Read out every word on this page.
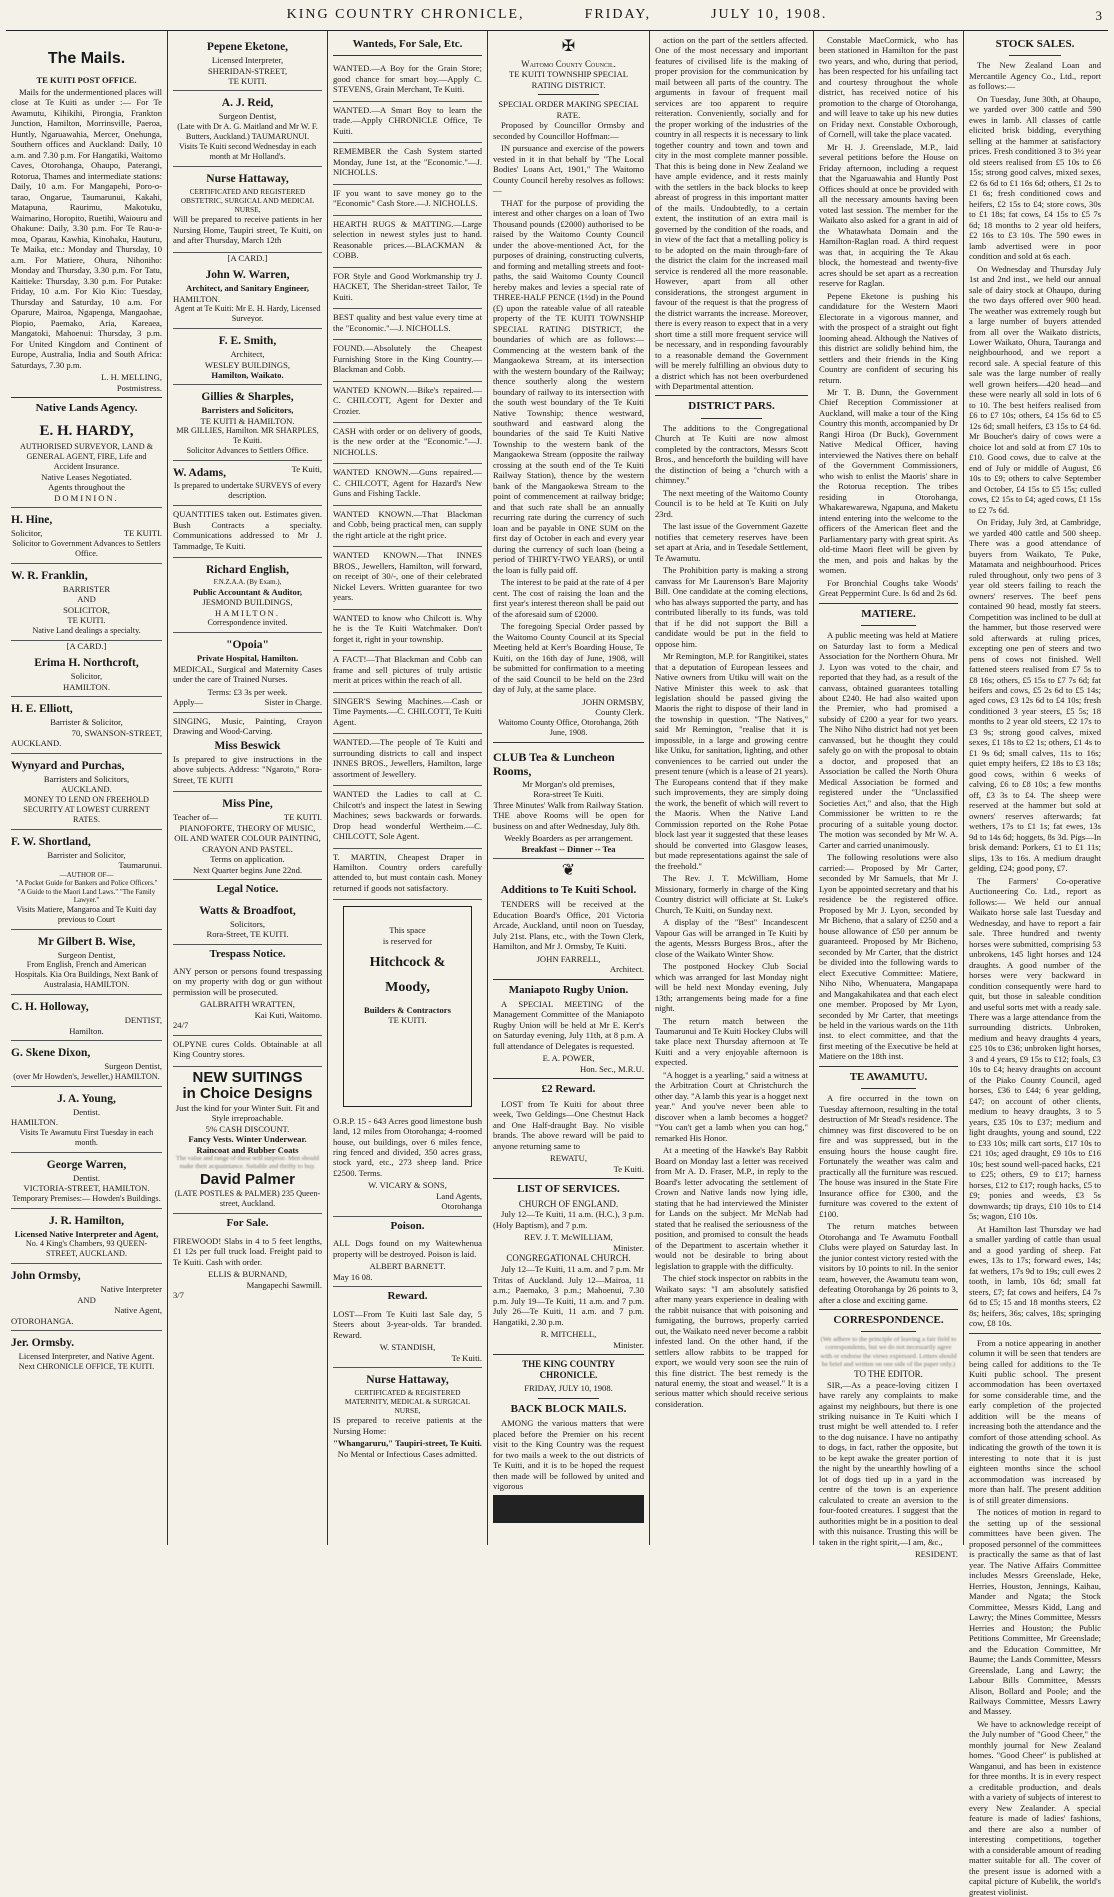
KING COUNTRY CHRONICLE,	FRIDAY,	JULY 10, 1908.	3
The Mails.
TE KUITI POST OFFICE.

Mails for the undermentioned places will close at Te Kuiti as under :— For Te Awamutu, Kihikihi, Pirongia, Frankton Junction, Hamilton, Morrinsville, Paeroa, Huntly, Ngaruawahia, Mercer, Onehunga, Southern offices and Auckland: Daily, 10 a.m. and 7.30 p.m. For Hangatiki, Waitomo Caves, Otorohanga, Ohaupo, Paterangi, Rotorua, Thames and intermediate stations: Daily, 10 a.m. For Mangapehi, Poro-o-tarao, Ongarue, Taumarunui, Kakahi, Matapuna, Raurimu, Makotuku, Waimarino, Horopito, Ruetihi, Waiouru and Ohakune: Daily, 3.30 p.m. For Te Rau-a-moa, Oparau, Kawhia, Kinohaku, Hauturu, Te Maika, etc.: Monday and Thursday, 10 a.m. For Matiere, Ohura, Nihoniho: Monday and Thursday, 3.30 p.m. For Tatu, Kaitieke: Thursday, 3.30 p.m. For Putake: Friday, 10 a.m. For Kio Kio: Tuesday, Thursday and Saturday, 10 a.m. For Oparure, Mairoa, Ngapenga, Mangaohae, Piopio, Paemako, Aria, Kareaea, Mangatoki, Mahoenui: Thursday, 3 p.m. For United Kingdom and Continent of Europe, Australia, India and South Africa: Saturdays, 7.30 p.m.

L. H. MELLING,
Postmistress.
Native Lands Agency.
E. H. HARDY,
AUTHORISED SURVEYOR, LAND & GENERAL AGENT, FIRE, Life and Accident Insurance.
Native Leases Negotiated.
Agents throughout the
DOMINION.
H. Hine,
Solicitor,	TE KUITI.
Solicitor to Government Advances to Settlers Office.
W. R. Franklin,
BARRISTER
AND
SOLICITOR,
TE KUITI.
Native Land dealings a specialty.
[A CARD.]
Erima H. Northcroft,
Solicitor,
HAMILTON.
H. E. Elliott,
Barrister & Solicitor,
70, SWANSON-STREET,
AUCKLAND.
Wynyard and Purchas,
Barristers and Solicitors,
AUCKLAND.
MONEY TO LEND ON FREEHOLD SECURITY AT LOWEST CURRENT RATES.
F. W. Shortland,
Barrister and Solicitor,
Taumarunui.
—AUTHOR OF—
"A Pocket Guide for Bankers and Police Officers." "A Guide to the Maori Land Laws." "The Family Lawyer."
Visits Matiere, Mangaroa and Te Kuiti day previous to Court
Mr Gilbert B. Wise,
Surgeon Dentist,
From English, French and American Hospitals. Kia Ora Buildings, Next Bank of Australasia, HAMILTON.
C. H. Holloway,
DENTIST,
Hamilton.
G. Skene Dixon,
Surgeon Dentist,
(over Mr Howden's, Jeweller,) HAMILTON.
J. A. Young,
Dentist.
HAMILTON.
Visits Te Awamutu First Tuesday in each month.
George Warren,
Dentist.
VICTORIA-STREET, HAMILTON.
Temporary Premises:— Howden's Buildings.
J. R. Hamilton,
Licensed Native Interpreter and Agent,
No. 4 King's Chambers, 93 QUEEN-STREET, AUCKLAND.
John Ormsby,
Native Interpreter
AND
Native Agent,
OTOROHANGA.
Jer. Ormsby.
Licensed Interpreter, and Native Agent.
Next CHRONICLE OFFICE, TE KUITI.
Pepene Eketone,
Licensed Interpreter,
SHERIDAN-STREET,
TE KUITI.
A. J. Reid,
Surgeon Dentist,
(Late with Dr A. G. Maitland and Mr W. F. Butters, Auckland.) TAUMARUNUI.
Visits Te Kuiti second Wednesday in each month at Mr Holland's.
Nurse Hattaway,
CERTIFICATED AND REGISTERED OBSTETRIC, SURGICAL AND MEDICAL NURSE,

Will be prepared to receive patients in her Nursing Home, Taupiri street, Te Kuiti, on and after Thursday, March 12th

[A CARD.]
John W. Warren,
Architect, and Sanitary Engineer,
HAMILTON.
Agent at Te Kuiti: Mr E. H. Hardy, Licensed Surveyor.
F. E. Smith,
Architect,
WESLEY BUILDINGS,
Hamilton, Waikato.
Gillies & Sharples,
Barristers and Solicitors,
TE KUITI & HAMILTON.
MR GILLIES, Hamilton. MR SHARPLES, Te Kuiti.
Solicitor Advances to Settlers Office.
W. Adams,	Te Kuiti,
Is prepared to undertake SURVEYS of every description.

QUANTITIES taken out. Estimates given. Bush Contracts a specialty. Communications addressed to Mr J. Tammadge, Te Kuiti.

Richard English,
F.N.Z.A.A. (By Exam.),
Public Accountant & Auditor,
JESMOND BUILDINGS,
HAMILTON.
Correspondence invited.
"Opoia"
Private Hospital, Hamilton.

MEDICAL, Surgical and Maternity Cases under the care of Trained Nurses.

Terms: £3 3s per week.
Apply—	Sister in Charge.

SINGING, Music, Painting, Crayon Drawing and Wood-Carving.

Miss Beswick

Is prepared to give instructions in the above subjects. Address: "Ngaroto," Rora-Street, TE KUITI

Miss Pine,
Teacher of—	TE KUITI.
PIANOFORTE, THEORY OF MUSIC, OIL AND WATER COLOUR PAINTING, CRAYON AND PASTEL.
Terms on application.
Next Quarter begins June 22nd.
Legal Notice.
Watts & Broadfoot,
Solicitors,
Rora-Street, TE KUITI.
Trespass Notice.

ANY person or persons found trespassing on my property with dog or gun without permission will be prosecuted.

GALBRAITH WRATTEN,
Kai Kuti, Waitomo.
24/7

OLPYNE cures Colds. Obtainable at all King Country stores.

NEW SUITINGS
in Choice Designs
Just the kind for your Winter Suit. Fit and Style irreproachable.
5% CASH DISCOUNT.
Fancy Vests. Winter Underwear. Raincoat and Rubber Coats
The value and range of these will surprise. Men should make their acquaintance. Suitable and thrifty to buy.
David Palmer
(LATE POSTLES & PALMER) 235 Queen-street, Auckland.
For Sale.

FIREWOOD! Slabs in 4 to 5 feet lengths, £1 12s per full truck load. Freight paid to Te Kuiti. Cash with order.

ELLIS & BURNAND,
Mangapechi Sawmill.
3/7
Wanteds, For Sale, Etc.

WANTED.—A Boy for the Grain Store; good chance for smart boy.—Apply C. STEVENS, Grain Merchant, Te Kuiti.

WANTED.—A Smart Boy to learn the trade.—Apply CHRONICLE Office, Te Kuiti.

REMEMBER the Cash System started Monday, June 1st, at the "Economic."—J. NICHOLLS.

IF you want to save money go to the "Economic" Cash Store.—J. NICHOLLS.

HEARTH RUGS & MATTING.—Large selection in newest styles just to hand. Reasonable prices.—BLACKMAN & COBB.

FOR Style and Good Workmanship try J. HACKET, The Sheridan-street Tailor, Te Kuiti.

BEST quality and best value every time at the "Economic."—J. NICHOLLS.

FOUND.—Absolutely the Cheapest Furnishing Store in the King Country.—Blackman and Cobb.

WANTED KNOWN.—Bike's repaired.—C. CHILCOTT, Agent for Dexter and Crozier.

CASH with order or on delivery of goods, is the new order at the "Economic."—J. NICHOLLS.

WANTED KNOWN.—Guns repaired.—C. CHILCOTT, Agent for Hazard's New Guns and Fishing Tackle.

WANTED KNOWN.—That Blackman and Cobb, being practical men, can supply the right article at the right price.

WANTED KNOWN.—That INNES BROS., Jewellers, Hamilton, will forward, on receipt of 30/-, one of their celebrated Nickel Levers. Written guarantee for two years.

WANTED to know who Chilcott is. Why he is the Te Kuiti Watchmaker. Don't forget it, right in your township.

A FACT!—That Blackman and Cobb can frame and sell pictures of truly artistic merit at prices within the reach of all.

SINGER'S Sewing Machines.—Cash or Time Payments.—C. CHILCOTT, Te Kuiti Agent.

WANTED.—The people of Te Kuiti and surrounding districts to call and inspect INNES BROS., Jewellers, Hamilton, large assortment of Jewellery.

WANTED the Ladies to call at C. Chilcott's and inspect the latest in Sewing Machines; sews backwards or forwards. Drop head wonderful Wertheim.—C. CHILCOTT, Sole Agent.

T. MARTIN, Cheapest Draper in Hamilton. Country orders carefully attended to, but must contain cash. Money returned if goods not satisfactory.

This space
is reserved for
Hitchcock &
Moody,
Builders & Contractors
TE KUITI.

O.R.P. 15 - 643 Acres good limestone bush land, 12 miles from Otorohanga; 4-roomed house, out buildings, over 6 miles fence, ring fenced and divided, 350 acres grass, stock yard, etc., 273 sheep land. Price £2500. Terms.

W. VICARY & SONS,
Land Agents,
Otorohanga
Poison.

ALL Dogs found on my Waitewhenua property will be destroyed. Poison is laid.

ALBERT BARNETT.
May 16 08.
Reward.

LOST—From Te Kuiti last Sale day, 5 Steers about 3-year-olds. Tar branded. Reward.

W. STANDISH,
Te Kuiti.
Nurse Hattaway,
CERTIFICATED & REGISTERED MATERNITY, MEDICAL & SURGICAL NURSE,

IS prepared to receive patients at the Nursing Home:

"Whangaruru," Taupiri-street, Te Kuiti.
No Mental or Infectious Cases admitted.
✠
Waitomo County Council.
TE KUITI TOWNSHIP SPECIAL RATING DISTRICT.
SPECIAL ORDER MAKING SPECIAL RATE.

Proposed by Councillor Ormsby and seconded by Councillor Hoffman:—

IN pursuance and exercise of the powers vested in it in that behalf by "The Local Bodies' Loans Act, 1901," The Waitomo County Council hereby resolves as follows:—

THAT for the purpose of providing the interest and other charges on a loan of Two Thousand pounds (£2000) authorised to be raised by the Waitomo County Council under the above-mentioned Act, for the purposes of draining, constructing culverts, and forming and metalling streets and foot-paths, the said Waitomo County Council hereby makes and levies a special rate of THREE-HALF PENCE (1½d) in the Pound (£) upon the rateable value of all rateable property of the TE KUITI TOWNSHIP SPECIAL RATING DISTRICT, the boundaries of which are as follows:—Commencing at the western bank of the Mangaokewa Stream, at its intersection with the western boundary of the Railway; thence southerly along the western boundary of railway to its intersection with the south west boundary of the Te Kuiti Native Township; thence westward, southward and eastward along the boundaries of the said Te Kuiti Native Township to the western bank of the Mangaokewa Stream (opposite the railway crossing at the south end of the Te Kuiti Railway Station), thence by the western bank of the Mangaokewa Stream to the point of commencement at railway bridge; and that such rate shall be an annually recurring rate during the currency of such loan and be payable in ONE SUM on the first day of October in each and every year during the currency of such loan (being a period of THIRTY-TWO YEARS), or until the loan is fully paid off.

The interest to be paid at the rate of 4 per cent. The cost of raising the loan and the first year's interest thereon shall be paid out of the aforesaid sum of £2000.

The foregoing Special Order passed by the Waitomo County Council at its Special Meeting held at Kerr's Boarding House, Te Kuiti, on the 16th day of June, 1908, will be submitted for confirmation to a meeting of the said Council to be held on the 23rd day of July, at the same place.

JOHN ORMSBY,
County Clerk.
Waitomo County Office, Otorohanga, 26th June, 1908.
CLUB Tea & Luncheon Rooms,
Mr Morgan's old premises,
Rora-street Te Kuiti.
Three Minutes' Walk from Railway Station.

THE above Rooms will be open for business on and after Wednesday, July 8th.

Weekly Boarders as per arrangement.
Breakfast -- Dinner -- Tea
❦
Additions to Te Kuiti School.

TENDERS will be received at the Education Board's Office, 201 Victoria Arcade, Auckland, until noon on Tuesday, July 21st. Plans, etc., with the Town Clerk, Hamilton, and Mr J. Ormsby, Te Kuiti.

JOHN FARRELL,
Architect.
Maniapoto Rugby Union.

A SPECIAL MEETING of the Management Committee of the Maniapoto Rugby Union will be held at Mr E. Kerr's on Saturday evening, July 11th, at 8 p.m. A full attendance of Delegates is requested.

E. A. POWER,
Hon. Sec., M.R.U.
£2 Reward.

LOST from Te Kuiti for about three week, Two Geldings—One Chestnut Hack and One Half-draught Bay. No visible brands. The above reward will be paid to anyone returning same to

REWATU,
Te Kuiti.
LIST OF SERVICES.
CHURCH OF ENGLAND.

July 12—Te Kuiti, 11 a.m. (H.C.), 3 p.m. (Holy Baptism), and 7 p.m.

REV. J. T. McWILLIAM,
Minister.
CONGREGATIONAL CHURCH.

July 12—Te Kuiti, 11 a.m. and 7 p.m. Mr Tritas of Auckland. July 12—Mairoa, 11 a.m.; Paemako, 3 p.m.; Mahoenui, 7.30 p.m. July 19—Te Kuiti, 11 a.m. and 7 p.m. July 26—Te Kuiti, 11 a.m. and 7 p.m. Hangatiki, 2.30 p.m.

R. MITCHELL,
Minister.
THE KING COUNTRY CHRONICLE.
FRIDAY, JULY 10, 1908.
BACK BLOCK MAILS.

AMONG the various matters that were placed before the Premier on his recent visit to the King Country was the request for two mails a week to the out districts of Te Kuiti, and it is to be hoped the request then made will be followed by united and vigorous

action on the part of the settlers affected. One of the most necessary and important features of civilised life is the making of proper provision for the communication by mail between all parts of the country. The arguments in favour of frequent mail services are too apparent to require reiteration. Conveniently, socially and for the proper working of the industries of the country in all respects it is necessary to link together country and town and town and city in the most complete manner possible. That this is being done in New Zealand we have ample evidence, and it rests mainly with the settlers in the back blocks to keep abreast of progress in this important matter of the mails. Undoubtedly, to a certain extent, the institution of an extra mail is governed by the condition of the roads, and in view of the fact that a metalling policy is to be adopted on the main through-fare of the district the claim for the increased mail service is rendered all the more reasonable. However, apart from all other considerations, the strongest argument in favour of the request is that the progress of the district warrants the increase. Moreover, there is every reason to expect that in a very short time a still more frequent service will be necessary, and in responding favourably to a reasonable demand the Government will be merely fulfilling an obvious duty to a district which has not been overburdened with Departmental attention.

DISTRICT PARS.

The additions to the Congregational Church at Te Kuiti are now almost completed by the contractors, Messrs Scott Bros., and henceforth the building will have the distinction of being a "church with a chimney."

The next meeting of the Waitomo County Council is to be held at Te Kuiti on July 23rd.

The last issue of the Government Gazette notifies that cemetery reserves have been set apart at Aria, and in Tesedale Settlement, Te Awamutu.

The Prohibition party is making a strong canvass for Mr Laurenson's Bare Majority Bill. One candidate at the coming elections, who has always supported the party, and has contributed liberally to its funds, was told that if he did not support the Bill a candidate would be put in the field to oppose him.

Mr Remington, M.P. for Rangitikei, states that a deputation of European lessees and Native owners from Utiku will wait on the Native Minister this week to ask that legislation should be passed giving the Maoris the right to dispose of their land in the township in question. "The Natives," said Mr Remington, "realise that it is impossible, in a large and growing centre like Utiku, for sanitation, lighting, and other conveniences to be carried out under the present tenure (which is a lease of 21 years). The Europeans contend that if they make such improvements, they are simply doing the work, the benefit of which will revert to the Maoris. When the Native Land Commission reported on the Rohe Potae block last year it suggested that these leases should be converted into Glasgow leases, but made representations against the sale of the freehold."

The Rev. J. T. McWilliam, Home Missionary, formerly in charge of the King Country district will officiate at St. Luke's Church, Te Kuiti, on Sunday next.

A display of the "Best" Incandescent Vapour Gas will be arranged in Te Kuiti by the agents, Messrs Burgess Bros., after the close of the Waikato Winter Show.

The postponed Hockey Club Social which was arranged for last Monday night will be held next Monday evening, July 13th; arrangements being made for a fine night.

The return match between the Taumarunui and Te Kuiti Hockey Clubs will take place next Thursday afternoon at Te Kuiti and a very enjoyable afternoon is expected.

"A hogget is a yearling," said a witness at the Arbitration Court at Christchurch the other day. "A lamb this year is a hogget next year." And you've never been able to discover when a lamb becomes a hogget? "You can't get a lamb when you can hog," remarked His Honor.

At a meeting of the Hawke's Bay Rabbit Board on Monday last a letter was received from Mr A. D. Fraser, M.P., in reply to the Board's letter advocating the settlement of Crown and Native lands now lying idle, stating that he had interviewed the Minister for Lands on the subject. Mr McNab had stated that he realised the seriousness of the position, and promised to consult the heads of the Department to ascertain whether it would not be desirable to bring about legislation to grapple with the difficulty.

The chief stock inspector on rabbits in the Waikato says: "I am absolutely satisfied after many years experience in dealing with the rabbit nuisance that with poisoning and fumigating, the burrows, properly carried out, the Waikato need never become a rabbit infested land. On the other hand, if the settlers allow rabbits to be trapped for export, we would very soon see the ruin of this fine district. The best remedy is the natural enemy, the stoat and weasel." It is a serious matter which should receive serious consideration.

Constable MacCormick, who has been stationed in Hamilton for the past two years, and who, during that period, has been respected for his unfailing tact and courtesy throughout the whole district, has received notice of his promotion to the charge of Otorohanga, and will leave to take up his new duties on Friday next. Constable Oxborough, of Cornell, will take the place vacated.

Mr H. J. Greenslade, M.P., laid several petitions before the House on Friday afternoon, including a request that the Ngaruawahia and Huntly Post Offices should at once be provided with all the necessary amounts having been voted last session. The member for the Waikato also asked for a grant in aid of the Whatawhata Domain and the Hamilton-Raglan road. A third request was that, in acquiring the Te Akau block, the homestead and twenty-five acres should be set apart as a recreation reserve for Raglan.

Pepene Eketone is pushing his candidature for the Western Maori Electorate in a vigorous manner, and with the prospect of a straight out fight looming ahead. Although the Natives of this district are solidly behind him, the settlers and their friends in the King Country are confident of securing his return.

Mr T. B. Dunn, the Government Chief Reception Commissioner at Auckland, will make a tour of the King Country this month, accompanied by Dr Rangi Hiroa (Dr Buck), Government Native Medical Officer, having interviewed the Natives there on behalf of the Government Commissioners, who wish to enlist the Maoris' share in the Rotorua reception. The tribes residing in Otorohanga, Whakarewarewa, Ngapuna, and Maketu intend entering into the welcome to the officers of the American fleet and the Parliamentary party with great spirit. As old-time Maori fleet will be given by the men, and pois and hakas by the women.

For Bronchial Coughs take Woods' Great Peppermint Cure. Is 6d and 2s 6d.

MATIERE.

A public meeting was held at Matiere on Saturday last to form a Medical Association for the Northern Ohura. Mr J. Lyon was voted to the chair, and reported that they had, as a result of the canvass, obtained guarantees totalling about £240. He had also waited upon the Premier, who had promised a subsidy of £200 a year for two years. The Niho Niho district had not yet been canvassed, but he thought they could safely go on with the proposal to obtain a doctor, and proposed that an Association be called the North Ohura Medical Association be formed and registered under the "Unclassified Societies Act," and also, that the High Commissioner be written to re the procuring of a suitable young doctor. The motion was seconded by Mr W. A. Carter and carried unanimously.

The following resolutions were also carried:— Proposed by Mr Carter, seconded by Mr Samuels, that Mr J. Lyon be appointed secretary and that his residence be the registered office. Proposed by Mr J. Lyon, seconded by Mr Bicheno, that a salary of £250 and a house allowance of £50 per annum be guaranteed. Proposed by Mr Bicheno, seconded by Mr Carter, that the district be divided into the following wards to elect Executive Committee: Matiere, Niho Niho, Whenuatera, Mangapapa and Mangakahikatea and that each elect one member. Proposed by Mr Lyon, seconded by Mr Carter, that meetings be held in the various wards on the 11th inst. to elect committee, and that the first meeting of the Executive be held at Matiere on the 18th inst.

TE AWAMUTU.

A fire occurred in the town on Tuesday afternoon, resulting in the total destruction of Mr Stead's residence. The chimney was first discovered to be on fire and was suppressed, but in the ensuing hours the house caught fire. Fortunately the weather was calm and practically all the furniture was rescued. The house was insured in the State Fire Insurance office for £300, and the furniture was covered to the extent of £100.

The return matches between Otorohanga and Te Awamutu Football Clubs were played on Saturday last. In the junior contest victory rested with the visitors by 10 points to nil. In the senior team, however, the Awamutu team won, defeating Otorohanga by 26 points to 3, after a close and exciting game.

CORRESPONDENCE.
(We adhere to the principle of leaving a fair field to correspondents, but we do not necessarily agree with or endorse the views expressed. Letters should be brief and written on one side of the paper only.)
TO THE EDITOR.

SIR,—As a peace-loving citizen I have rarely any complaints to make against my neighbours, but there is one striking nuisance in Te Kuiti which I trust might be well attended to. I refer to the dog nuisance. I have no antipathy to dogs, in fact, rather the opposite, but to be kept awake the greater portion of the night by the unearthly howling of a lot of dogs tied up in a yard in the centre of the town is an experience calculated to create an aversion to the four-footed creatures. I suggest that the authorities might be in a position to deal with this nuisance. Trusting this will be taken in the right spirit,—I am, &c.,

RESIDENT.
STOCK SALES.

The New Zealand Loan and Mercantile Agency Co., Ltd., report as follows:—

On Tuesday, June 30th, at Ohaupo, we yarded over 300 cattle and 590 ewes in lamb. All classes of cattle elicited brisk bidding, everything selling at the hammer at satisfactory prices. Fresh conditioned 3 to 3½ year old steers realised from £5 10s to £6 15s; strong good calves, mixed sexes, £2 6s 6d to £1 16s 6d; others, £1 2s to £1 6s; fresh conditioned cows and heifers, £2 15s to £4; store cows, 30s to £1 18s; fat cows, £4 15s to £5 7s 6d; 18 months to 2 year old heifers, £2 16s to £3 10s. The 590 ewes in lamb advertised were in poor condition and sold at 6s each.

On Wednesday and Thursday July 1st and 2nd inst., we held our annual sale of dairy stock at Ohaupo, during the two days offered over 900 head. The weather was extremely rough but a large number of buyers attended from all over the Waikato districts, Lower Waikato, Ohura, Tauranga and neighbourhood, and we report a record sale. A special feature of this sale was the large number of really well grown heifers—420 head—and these were nearly all sold in lots of 6 to 10. The best heifers realised from £6 to £7 10s; others, £4 15s 6d to £5 12s 6d; small heifers, £3 15s to £4 6d. Mr Boucher's dairy of cows were a choice lot and sold at from £7 10s to £10. Good cows, due to calve at the end of July or middle of August, £6 10s to £9; others to calve September and October, £4 15s to £5 15s; culled cows, £2 15s to £4; aged cows, £1 15s to £2 7s 6d.

On Friday, July 3rd, at Cambridge, we yarded 400 cattle and 500 sheep. There was a good attendance of buyers from Waikato, Te Puke, Matamata and neighbourhood. Prices ruled throughout, only two pens of 3 year old steers failing to reach the owners' reserves. The beef pens contained 90 head, mostly fat steers. Competition was inclined to be dull at the hammer, but those reserved were sold afterwards at ruling prices, excepting one pen of steers and two pens of cows not finished. Well fattened steers realised from £7 5s to £8 16s; others, £5 15s to £7 7s 6d; fat heifers and cows, £5 2s 6d to £5 14s; aged cows, £3 12s 6d to £4 10s; fresh conditioned 3 year steers, £5 5s; 18 months to 2 year old steers, £2 17s to £3 9s; strong good calves, mixed sexes, £1 18s to £2 1s; others, £1 4s to £1 9s 6d; small calves, 11s to 16s; quiet empty heifers, £2 18s to £3 18s; good cows, within 6 weeks of calving, £6 to £8 10s; a few months off, £3 3s to £4. The sheep were reserved at the hammer but sold at owners' reserves afterwards; fat wethers, 17s to £1 1s; fat ewes, 13s 9d to 14s 6d; hoggets, 8s 3d. Pigs—In brisk demand: Porkers, £1 to £1 11s; slips, 13s to 16s. A medium draught gelding, £24; good pony, £7.

The Farmers' Co-operative Auctioneering Co. Ltd., report as follows:— We held our annual Waikato horse sale last Tuesday and Wednesday, and have to report a fair sale. Three hundred and twenty horses were submitted, comprising 53 unbrokens, 145 light horses and 124 draughts. A good number of the horses were very backward in condition consequently were hard to quit, but those in saleable condition and useful sorts met with a ready sale. There was a large attendance from the surrounding districts. Unbroken, medium and heavy draughts 4 years, £25 10s to £36; unbroken light horses, 3 and 4 years, £9 15s to £12; foals, £3 10s to £4; heavy draughts on account of the Piako County Council, aged horses, £36 to £44; 6 year gelding, £47; on account of other clients, medium to heavy draughts, 3 to 5 years, £35 10s to £37; medium and light draughts, young and sound, £22 to £33 10s; milk cart sorts, £17 10s to £21 10s; aged draught, £9 10s to £16 10s; best sound well-paced hacks, £21 to £25; others, £9 to £17; harness horses, £12 to £17; rough hacks, £5 to £9; ponies and weeds, £3 5s downwards; tip drays, £10 10s to £14 5s; wagon, £10 10s.

At Hamilton last Thursday we had a smaller yarding of cattle than usual and a good yarding of sheep. Fat ewes, 13s to 17s; forward ewes, 14s; fat wethers, 17s 9d to 19s; cull ewes 2 tooth, in lamb, 10s 6d; small fat steers, £7; fat cows and heifers, £4 7s 6d to £5; 15 and 18 months steers, £2 8s; heifers, 36s; calves, 18s; springing cow, £8 10s.

From a notice appearing in another column it will be seen that tenders are being called for additions to the Te Kuiti public school. The present accommodation has been overtaxed for some considerable time, and the early completion of the projected addition will be the means of increasing both the attendance and the comfort of those attending school. As indicating the growth of the town it is interesting to note that it is just eighteen months since the school accommodation was increased by more than half. The present addition is of still greater dimensions.

The notices of motion in regard to the setting up of the sessional committees have been given. The proposed personnel of the committees is practically the same as that of last year. The Native Affairs Committee includes Messrs Greenslade, Heke, Herries, Houston, Jennings, Kaihau, Mander and Ngata; the Stock Committee, Messrs Kidd, Lang and Lawry; the Mines Committee, Messrs Herries and Houston; the Public Petitions Committee, Mr Greenslade; and the Education Committee, Mr Baume; the Lands Committee, Messrs Greenslade, Lang and Lawry; the Labour Bills Committee, Messrs Alison, Bollard and Poole; and the Railways Committee, Messrs Lawry and Massey.

We have to acknowledge receipt of the July number of "Good Cheer," the monthly journal for New Zealand homes. "Good Cheer" is published at Wanganui, and has been in existence for three months. It is in every respect a creditable production, and deals with a variety of subjects of interest to every New Zealander. A special feature is made of ladies' fashions, and there are also a number of interesting competitions, together with a considerable amount of reading matter suitable for all. The cover of the present issue is adorned with a capital picture of Kubelik, the world's greatest violinist.
